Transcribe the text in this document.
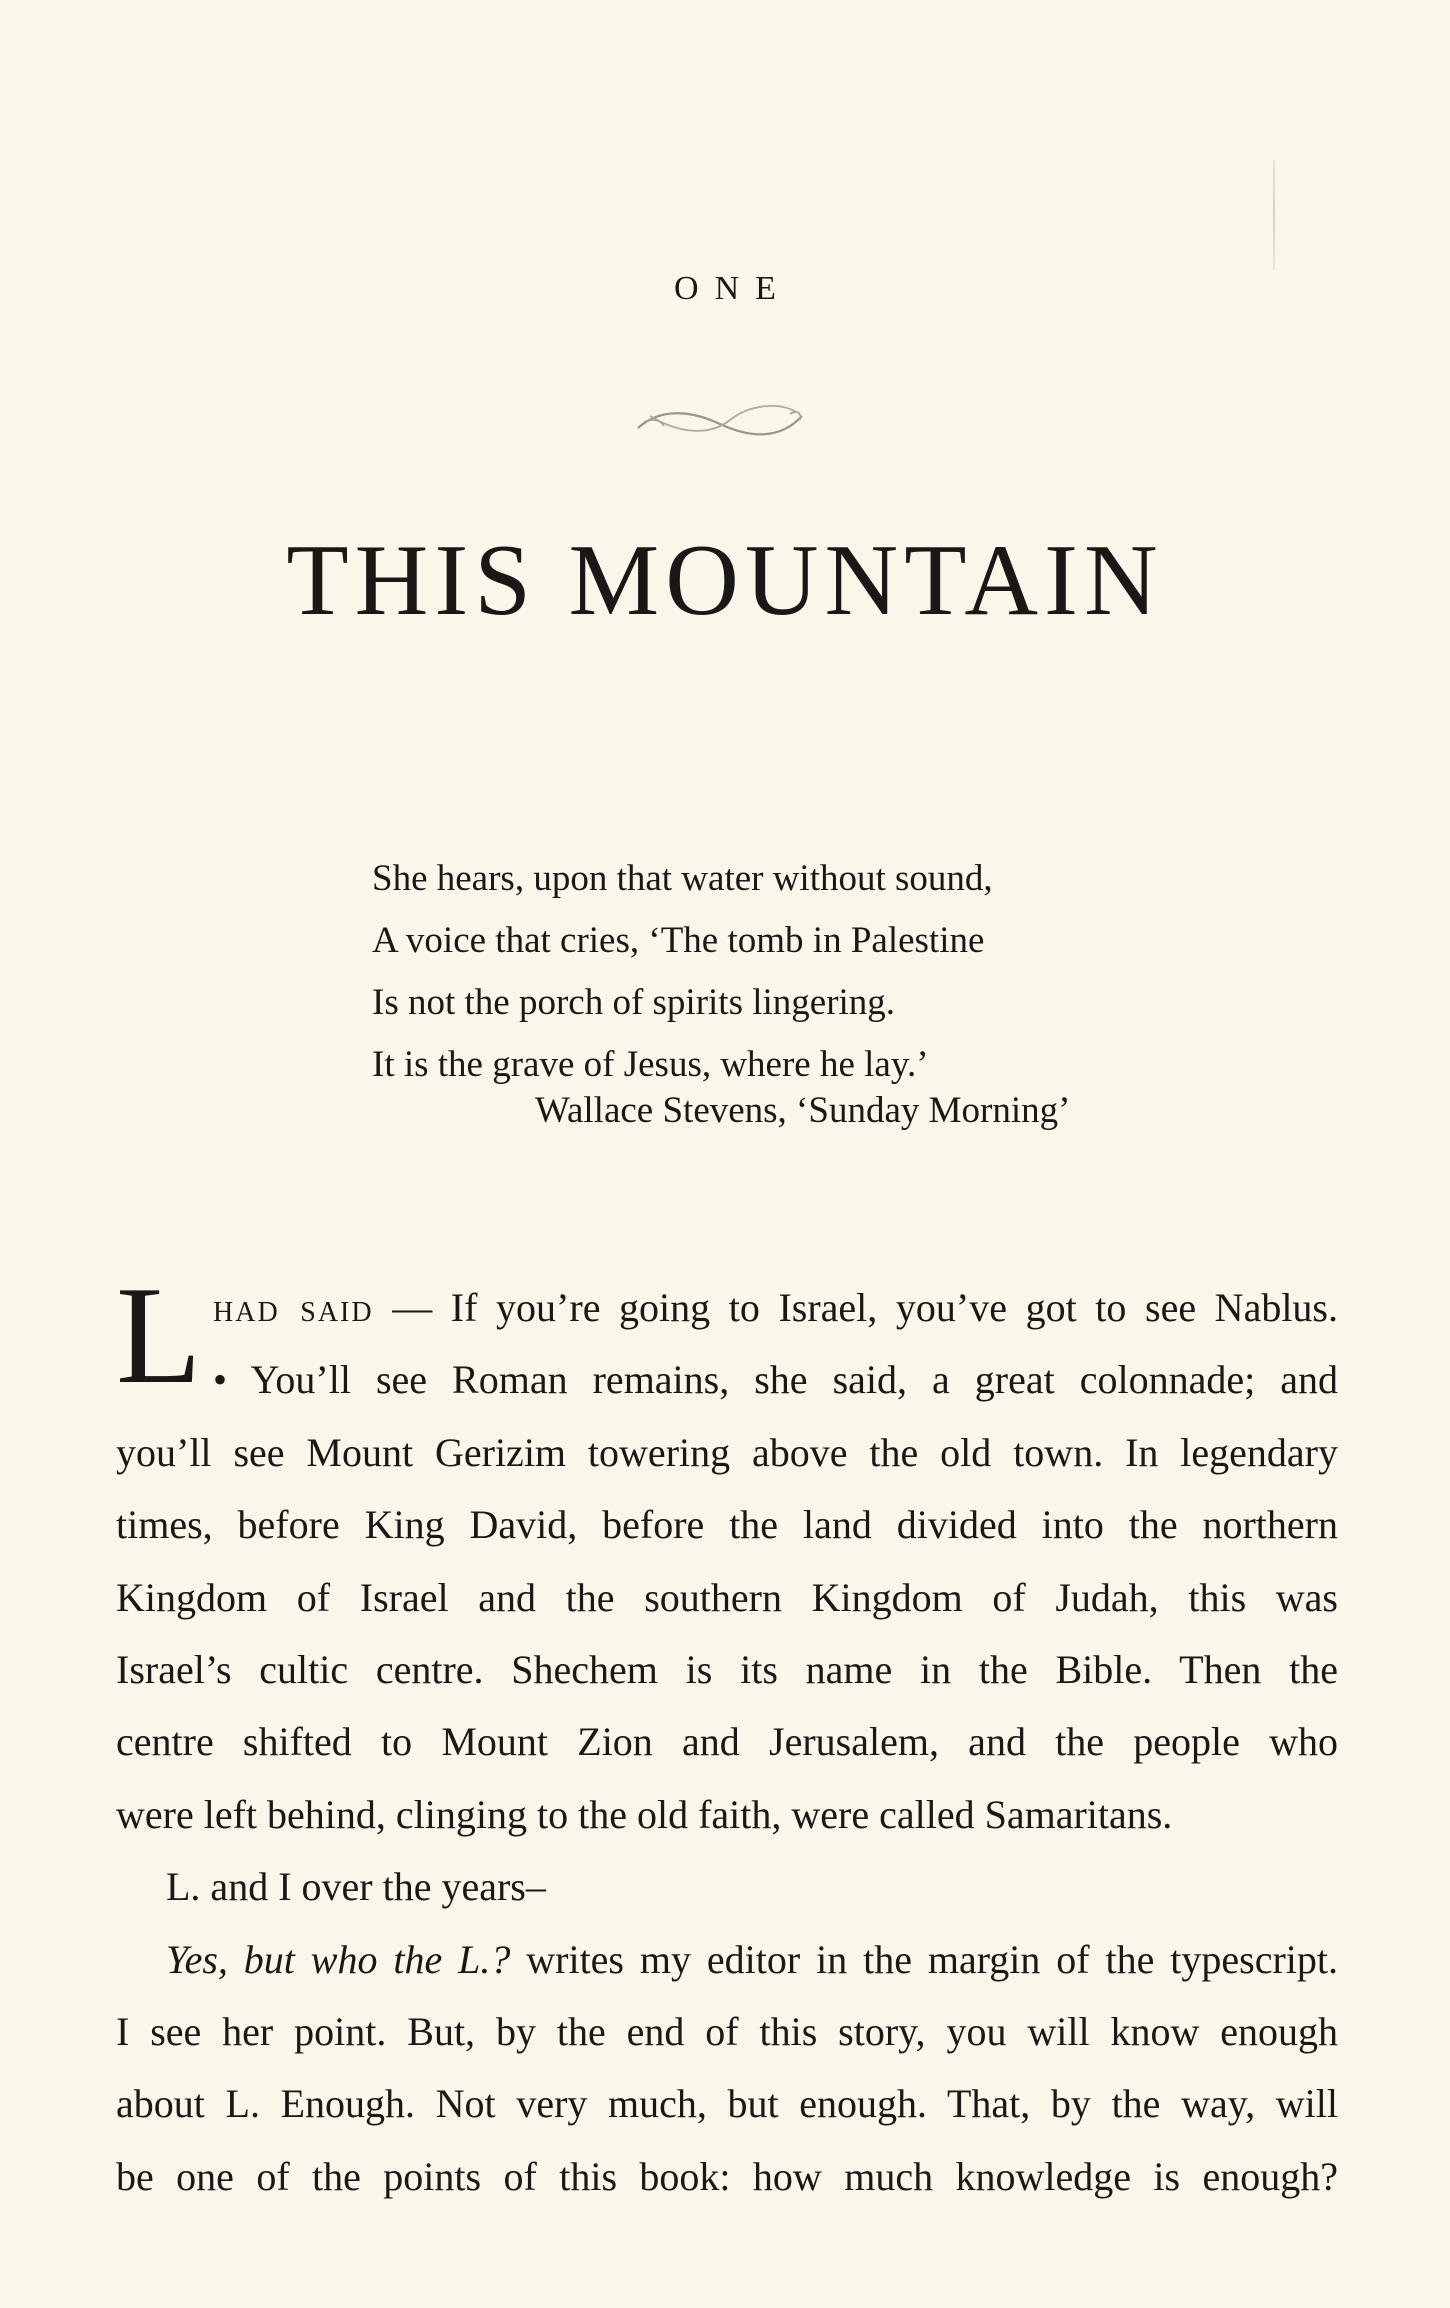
ONE
THIS MOUNTAIN

She hears, upon that water without sound,

A voice that cries, ‘The tomb in Palestine

Is not the porch of spirits lingering.

It is the grave of Jesus, where he lay.’

Wallace Stevens, ‘Sunday Morning’

L had said — If you’re going to Israel, you’ve got to see Nablus.

• You’ll see Roman remains, she said, a great colonnade; and

you’ll see Mount Gerizim towering above the old town. In legendary

times, before King David, before the land divided into the northern

Kingdom of Israel and the southern Kingdom of Judah, this was

Israel’s cultic centre. Shechem is its name in the Bible. Then the

centre shifted to Mount Zion and Jerusalem, and the people who

were left behind, clinging to the old faith, were called Samaritans.

L. and I over the years–

Yes, but who the L.? writes my editor in the margin of the typescript.

I see her point. But, by the end of this story, you will know enough

about L. Enough. Not very much, but enough. That, by the way, will

be one of the points of this book: how much knowledge is enough?
